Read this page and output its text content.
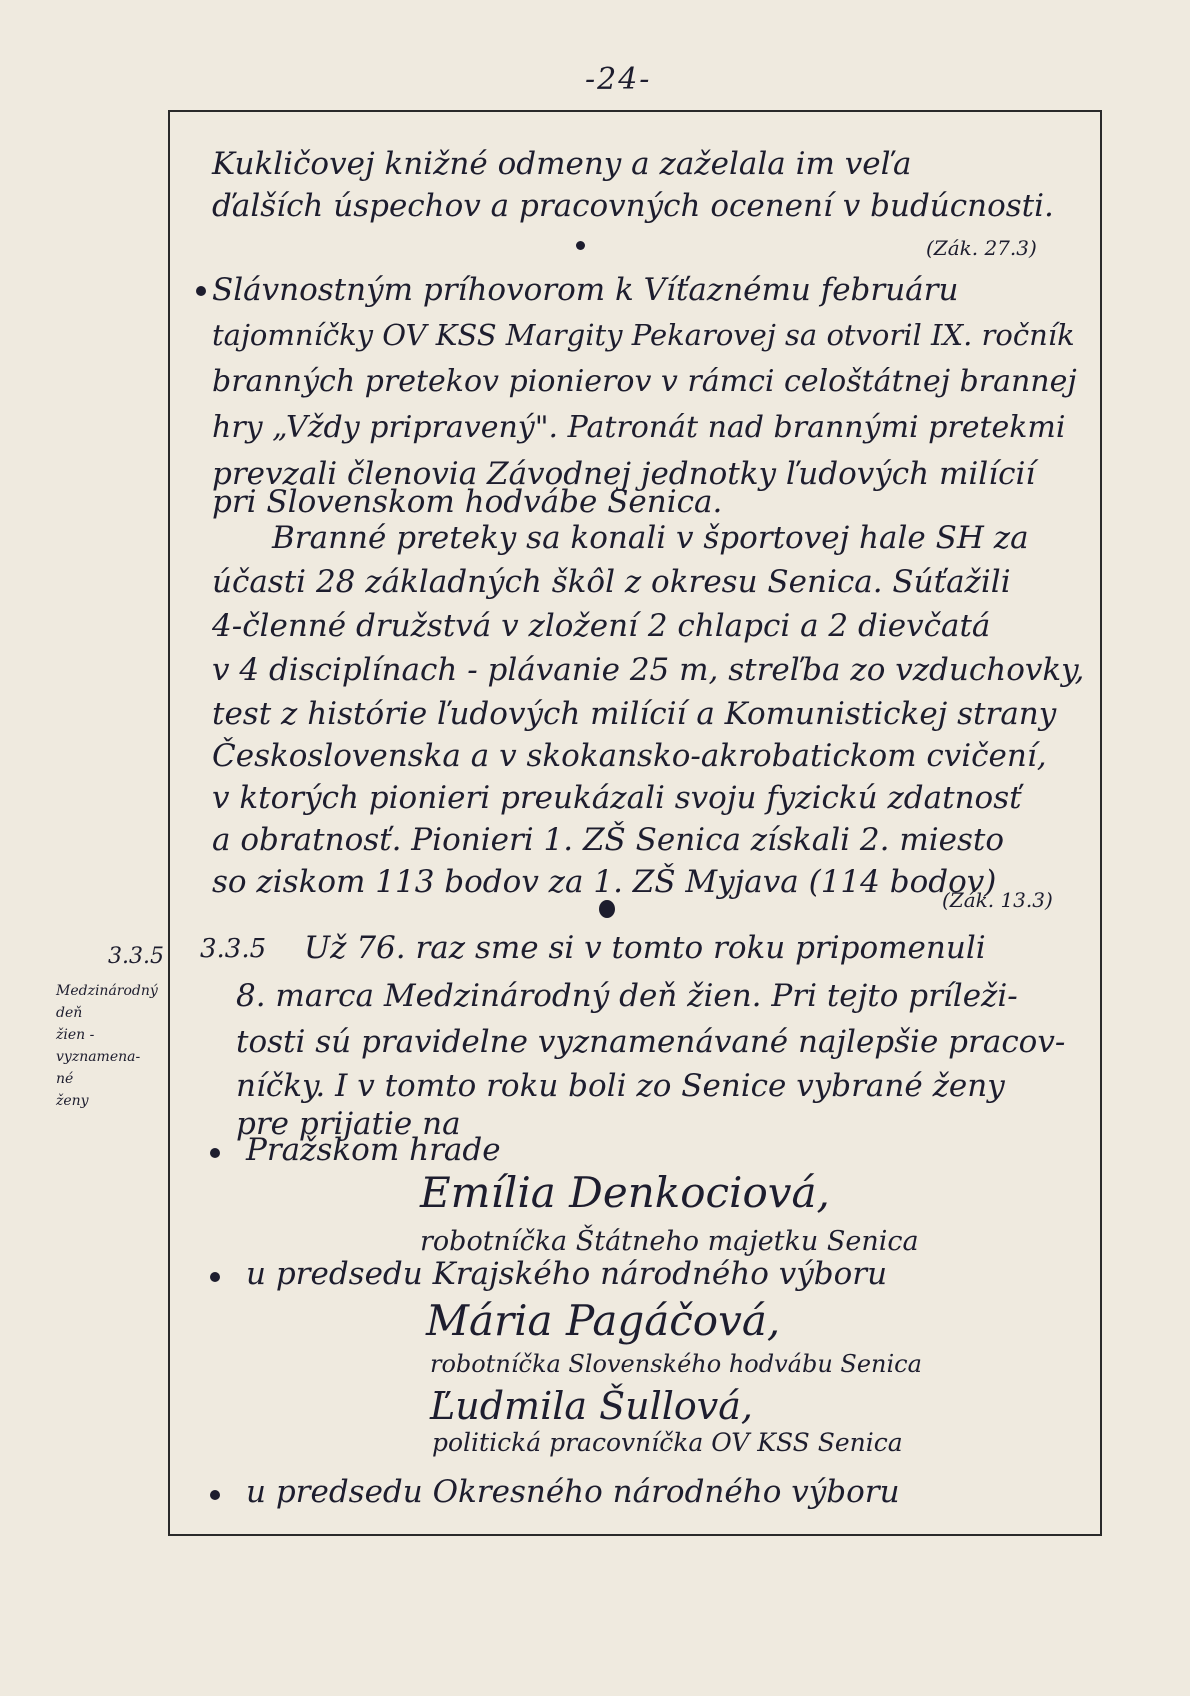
-24-
Kukličovej knižné odmeny a zaželala im veľa
ďalších úspechov a pracovných ocenení v budúcnosti.
(Zák. 27.3)
Slávnostným príhovorom k Víťaznému februáru
tajomníčky OV KSS Margity Pekarovej sa otvoril IX. ročník
branných pretekov pionierov v rámci celoštátnej brannej
hry „Vždy pripravený". Patronát nad brannými pretekmi
prevzali členovia Závodnej jednotky ľudových milícií
pri Slovenskom hodvábe Senica.
Branné preteky sa konali v športovej hale SH za
účasti 28 základných škôl z okresu Senica. Súťažili
4-členné družstvá v zložení 2 chlapci a 2 dievčatá
v 4 disciplínach - plávanie 25 m, streľba zo vzduchovky,
test z histórie ľudových milícií a Komunistickej strany
Československa a v skokansko-akrobatickom cvičení,
v ktorých pionieri preukázali svoju fyzickú zdatnosť
a obratnosť. Pionieri 1. ZŠ Senica získali 2. miesto
so ziskom 113 bodov za 1. ZŠ Myjava (114 bodov)
(Zák. 13.3)
3.3.5
Medzinárodný
deň
žien -
vyznamena-
né
ženy
3.3.5 Už 76. raz sme si v tomto roku pripomenuli
8. marca Medzinárodný deň žien. Pri tejto príleži-
tosti sú pravidelne vyznamenávané najlepšie pracov-
níčky. I v tomto roku boli zo Senice vybrané ženy
pre prijatie na
Pražskom hrade
Emília Denkociová,
robotníčka Štátneho majetku Senica
u predsedu Krajského národného výboru
Mária Pagáčová,
robotníčka Slovenského hodvábu Senica
Ľudmila Šullová,
politická pracovníčka OV KSS Senica
u predsedu Okresného národného výboru
